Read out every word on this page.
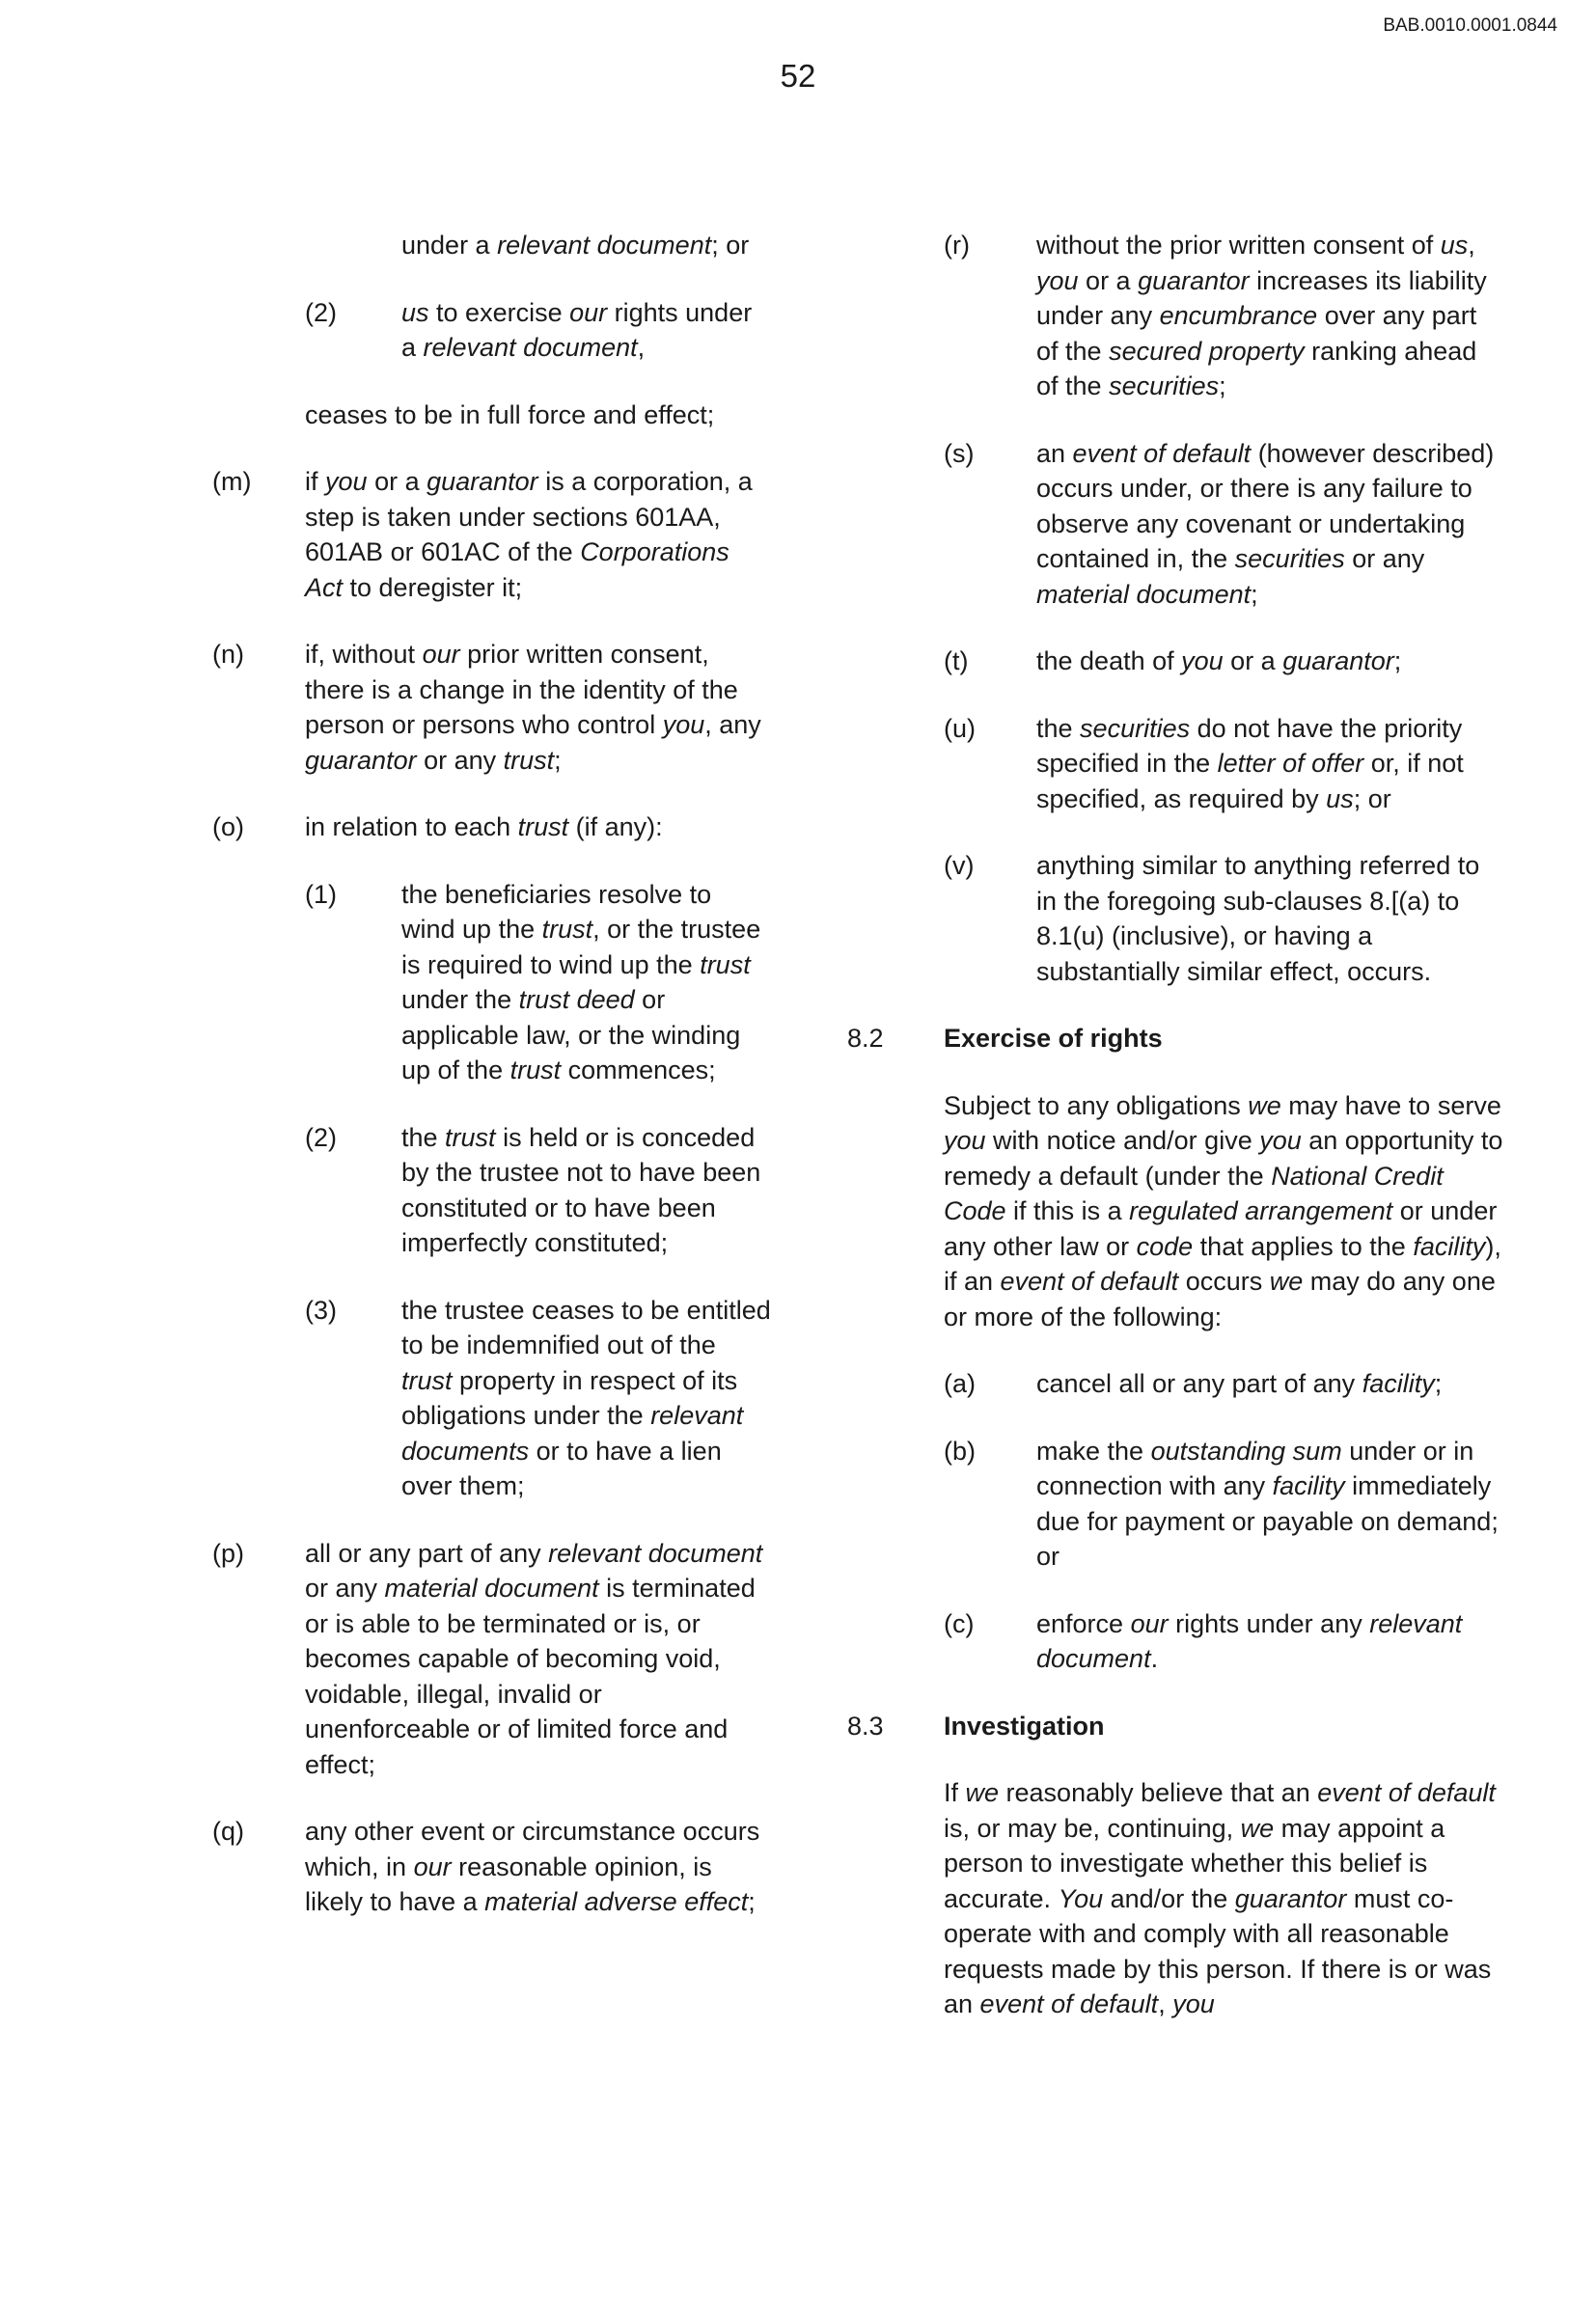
BAB.0010.0001.0844
52

under a relevant document; or

(2)	us to exercise our rights under a relevant document,

ceases to be in full force and effect;

(m)	if you or a guarantor is a corporation, a step is taken under sections 601AA, 601AB or 601AC of the Corporations Act to deregister it;

(n)	if, without our prior written consent, there is a change in the identity of the person or persons who control you, any guarantor or any trust;

(o)	in relation to each trust (if any):

(1)	the beneficiaries resolve to wind up the trust, or the trustee is required to wind up the trust under the trust deed or applicable law, or the winding up of the trust commences;

(2)	the trust is held or is conceded by the trustee not to have been constituted or to have been imperfectly constituted;

(3)	the trustee ceases to be entitled to be indemnified out of the trust property in respect of its obligations under the relevant documents or to have a lien over them;

(p)	all or any part of any relevant document or any material document is terminated or is able to be terminated or is, or becomes capable of becoming void, voidable, illegal, invalid or unenforceable or of limited force and effect;

(q)	any other event or circumstance occurs which, in our reasonable opinion, is likely to have a material adverse effect;

(r)	without the prior written consent of us, you or a guarantor increases its liability under any encumbrance over any part of the secured property ranking ahead of the securities;

(s)	an event of default (however described) occurs under, or there is any failure to observe any covenant or undertaking contained in, the securities or any material document;

(t)	the death of you or a guarantor;

(u)	the securities do not have the priority specified in the letter of offer or, if not specified, as required by us; or

(v)	anything similar to anything referred to in the foregoing sub-clauses 8.[(a) to 8.1(u) (inclusive), or having a substantially similar effect, occurs.

8.2	Exercise of rights

Subject to any obligations we may have to serve you with notice and/or give you an opportunity to remedy a default (under the National Credit Code if this is a regulated arrangement or under any other law or code that applies to the facility), if an event of default occurs we may do any one or more of the following:

(a)	cancel all or any part of any facility;

(b)	make the outstanding sum under or in connection with any facility immediately due for payment or payable on demand; or

(c)	enforce our rights under any relevant document.

8.3	Investigation

If we reasonably believe that an event of default is, or may be, continuing, we may appoint a person to investigate whether this belief is accurate. You and/or the guarantor must co-operate with and comply with all reasonable requests made by this person. If there is or was an event of default, you
